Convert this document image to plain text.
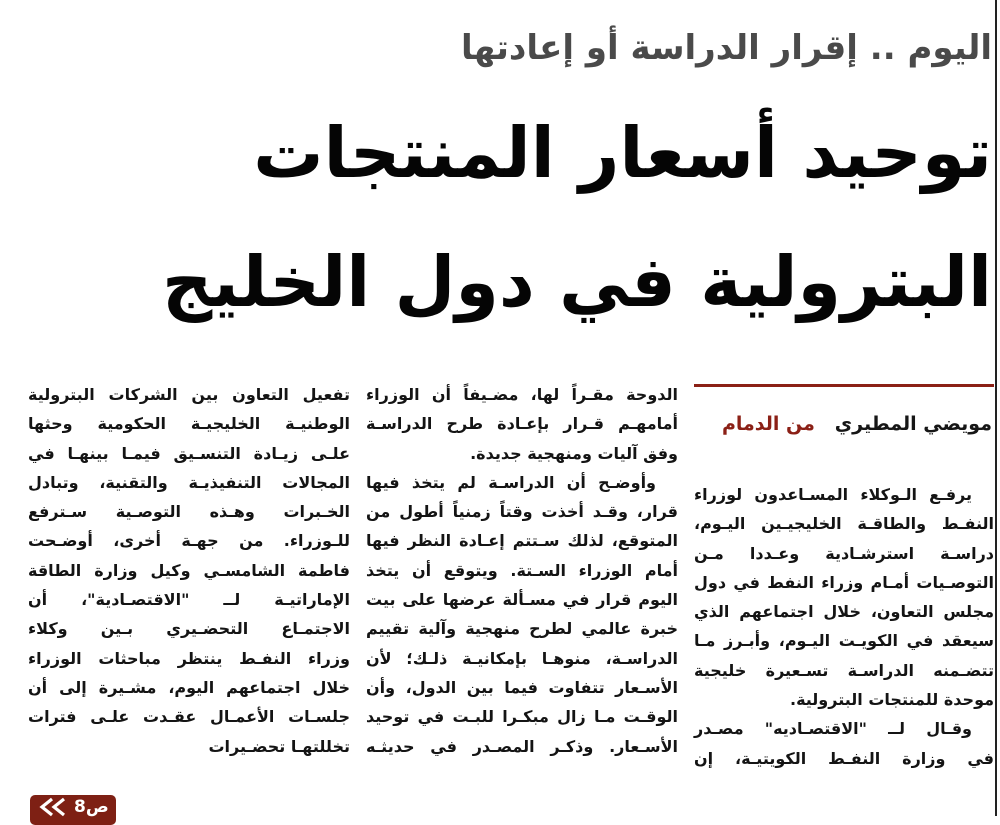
اليوم .. إقرار الدراسة أو إعادتها
توحيد أسعار المنتجات
البترولية في دول الخليج
مويضي المطيري   من الدمام
يرفـع الـوكلاء المسـاعدون لوزراء
النفـط والطاقـة الخليجيـين اليـوم،
دراسـة استرشـادية وعـددا مـن
التوصـيات أمـام وزراء النفط في دول
مجلس التعاون، خلال اجتماعهم الذي
سيعقد في الكويـت اليـوم، وأبـرز مـا
تتضـمنه الدراسـة تسـعيرة خليجية
موحدة للمنتجات البترولية.
وقـال لــ "الاقتصـاديه" مصـدر
في وزارة النفـط الكويتيـة، إن
الدوحة مقـراً لها، مضـيفاً أن الوزراء
أمامهـم قـرار بإعـادة طرح الدراسـة
وفق آليات ومنهجية جديدة.
وأوضـح أن الدراسـة لم يتخذ فيها
قرار، وقـد أخذت وقتاً زمنياً أطول من
المتوقع، لذلك سـتتم إعـادة النظر فيها
أمام الوزراء السـتة. ويتوقع أن يتخذ
اليوم قرار في مسـألة عرضها على بيت
خبرة عالمي لطرح منهجية وآلية تقييم
الدراسـة، منوهـا بإمكانيـة ذلـك؛ لأن
الأسـعار تتفاوت فيما بين الدول، وأن
الوقـت مـا زال مبكـرا للبـت في توحيد
الأسـعار. وذكـر المصـدر في حديثـه
تفعيل التعاون بين الشركات البترولية
الوطنيـة الخليجيـة الحكومية وحثها
علـى زيـادة التنسـيق فيمـا بينهـا في
المجالات التنفيذيـة والتقنية، وتبادل
الخـبرات وهـذه التوصـية سـترفع
للـوزراء. من جهـة أخرى، أوضـحت
فاطمة الشامسـي وكيل وزارة الطاقة
الإماراتيـة لــ "الاقتصـادية"، أن
الاجتمـاع التحضـيري بـين وكلاء
وزراء النفـط ينتظر مباحثات الوزراء
خلال اجتماعهم اليوم، مشـيرة إلى أن
جلسـات الأعمـال عقـدت علـى فترات
تخللتهـا تحضـيرات
ص8
